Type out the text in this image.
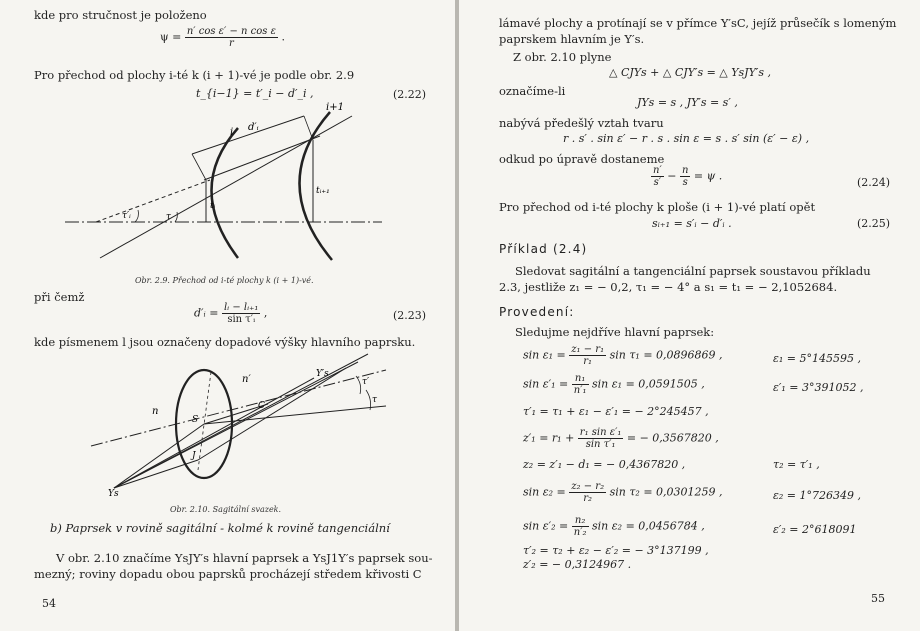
kde pro stručnost je položeno
$\psi = \frac{\text{n′ cos ε′ − n cos ε}}{r}$ .
Pro přechod od plochy i-té k (i + 1)-vé je podle obr. 2.9
t_{i−1} = t′_i − d′_i ,	(2.22)
i
i+1
d′ᵢ
tᵢ
tᵢ₊₁
τ′ᵢ	τ
Obr. 2.9. Přechod od i-té plochy k (i + 1)-vé.
při čemž
d′ᵢ = $\frac{\text{lᵢ − lᵢ₊₁}}{\text{sin τ′ᵢ}}$ ,	(2.23)
kde písmenem l jsou označeny dopadové výšky hlavního paprsku.
n
n′
Ys
Y′s
S
C
J
τ′
τ
Obr. 2.10. Sagitální svazek.
b) Paprsek v rovině sagitální - kolmé k rovině tangenciální
V obr. 2.10 značíme YsJY′s hlavní paprsek a YsJ1Y′s paprsek sou-
mezný; roviny dopadu obou paprsků procházejí středem křivosti C
54
lámavé plochy a protínají se v přímce Y′sC, jejíž průsečík s lomeným
paprskem hlavním je Y′s.
Z obr. 2.10 plyne
△ CJYs + △ CJY′s = △ YsJY′s ,
označíme-li
JYs = s , JY′s = s′ ,
nabývá předešlý vztah tvaru
r . s′ . sin ε′ − r . s . sin ε = s . s′ sin (ε′ − ε) ,
odkud po úpravě dostaneme
$\frac{n'}{s'} - \frac{n}{s} = \psi$ .	(2.24)
Pro přechod od i-té plochy k ploše (i + 1)-vé platí opět
sᵢ₊₁ = s′ᵢ − d′ᵢ .	(2.25)
Příklad (2.4)
Sledovat sagitální a tangenciální paprsek soustavou příkladu
2.3, jestliže z₁ = − 0,2, τ₁ = − 4° a s₁ = t₁ = − 2,1052684.
Provedení:
Sledujme nejdříve hlavní paprsek:
$\sin \varepsilon_1 = \frac{\text{z₁ − r₁}}{\text{r₁}}$ sin τ₁ = 0,0896869 ,	ε₁ = 5°145595 ,
$\sin \varepsilon'_1 = \frac{\text{n₁}}{\text{n′₁}}$ sin ε₁ = 0,0591505 ,	ε′₁ = 3°391052 ,
τ′₁ = τ₁ + ε₁ − ε′₁ = − 2°245457 ,
$z'_1 = r_1 + \frac{\text{r₁ sin ε′₁}}{\text{sin τ′₁}}$ = − 0,3567820 ,
z₂ = z′₁ − d₁ = − 0,4367820 ,	τ₂ = τ′₁ ,
$\sin \varepsilon_2 = \frac{\text{z₂ − r₂}}{\text{r₂}}$ sin τ₂ = 0,0301259 ,	ε₂ = 1°726349 ,
$\sin \varepsilon'_2 = \frac{\text{n₂}}{\text{n′₂}}$ sin ε₂ = 0,0456784 ,	ε′₂ = 2°618091
τ′₂ = τ₂ + ε₂ − ε′₂ = − 3°137199 ,
z′₂ = − 0,3124967 .
55
